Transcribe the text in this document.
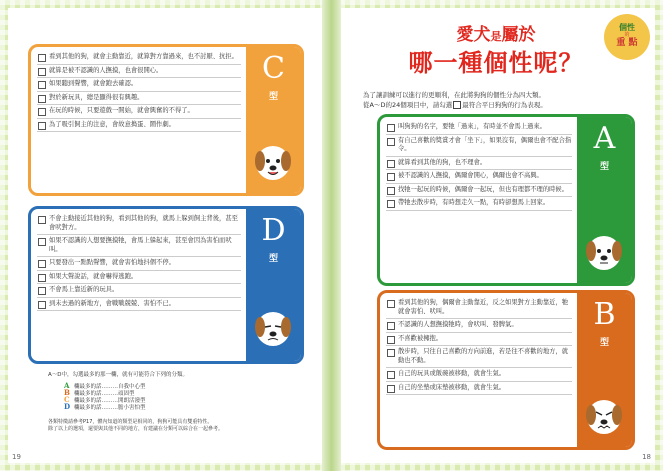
看到其他的狗，就會主動靠近，就算對方靠過來，也不討厭、抗拒。
就算是被不認識的人撫摸，也會很開心。
如果聽到聲響，就會跑去確認。
對於新玩具，總是顯得很有興趣。
在玩的時候，只要遊戲一開始，就會興奮的不得了。
為了吸引飼主的注意，會故意搗蛋、鬧作劇。
C
型
不會主動接近其他的狗，看到其他的狗，就馬上躲到飼主背後，甚至會吠對方。
如果不認識的人想要撫摸牠，會馬上躲起來，甚至會因為害怕而吠叫。
只要發出一點點聲響，就會害怕地抖個不停。
如果大聲說話，就會嚇得逃跑。
不會馬上靠近新的玩具。
到未去過的新地方，會戰戰兢兢、害怕不已。
D
型
A～D中，勾選最多的那一欄，就有可能符合下列的分類。
A 欄最多的話………自我中心型
B 欄最多的話………頑固型
C 欄最多的話………開朗活潑型
D 欄最多的話………膽小害怕型
各類特徵請參考P17，體內知道的類型是相同的，狗狗可能具有雙重特性。
除了以上的選項，還要與其他不同的地方，有建議在分類可以綜合在一起參考。
19
愛犬是屬於
哪一種個性呢？
個性
的
重 點
為了讓訓練可以進行的更順利，在此將狗狗的個性分為四大類。
從A～D的24個項目中，請勾選 最符合平日狗狗的行為表現。
叫狗狗的名字，要牠「過來」，有時並不會馬上過來。
有自己喜歡的獎賞才會「坐下」，如果沒有，偶爾也會不配合指令。
就算看到其他的狗，也不理會。
被不認識的人撫摸，偶爾會開心，偶爾也會不高興。
找牠一起玩的時候，偶爾會一起玩，但也有理都不理的時候。
帶牠去散步時，有時想走久一點，有時卻想馬上回家。
A
型
看到其他的狗，偶爾會主動靠近，反之如果對方主動靠近，牠就會害怕、吠叫。
不認識的人想撫摸牠時，會吠叫、發脾氣。
不喜歡被擁抱。
散步時，只往自己喜歡的方向前進，若是往不喜歡的地方，就動也不動。
自己的玩具或飯碗被移動，就會生氣。
自己的坐墊或床墊被移動，就會生氣。
B
型
18
